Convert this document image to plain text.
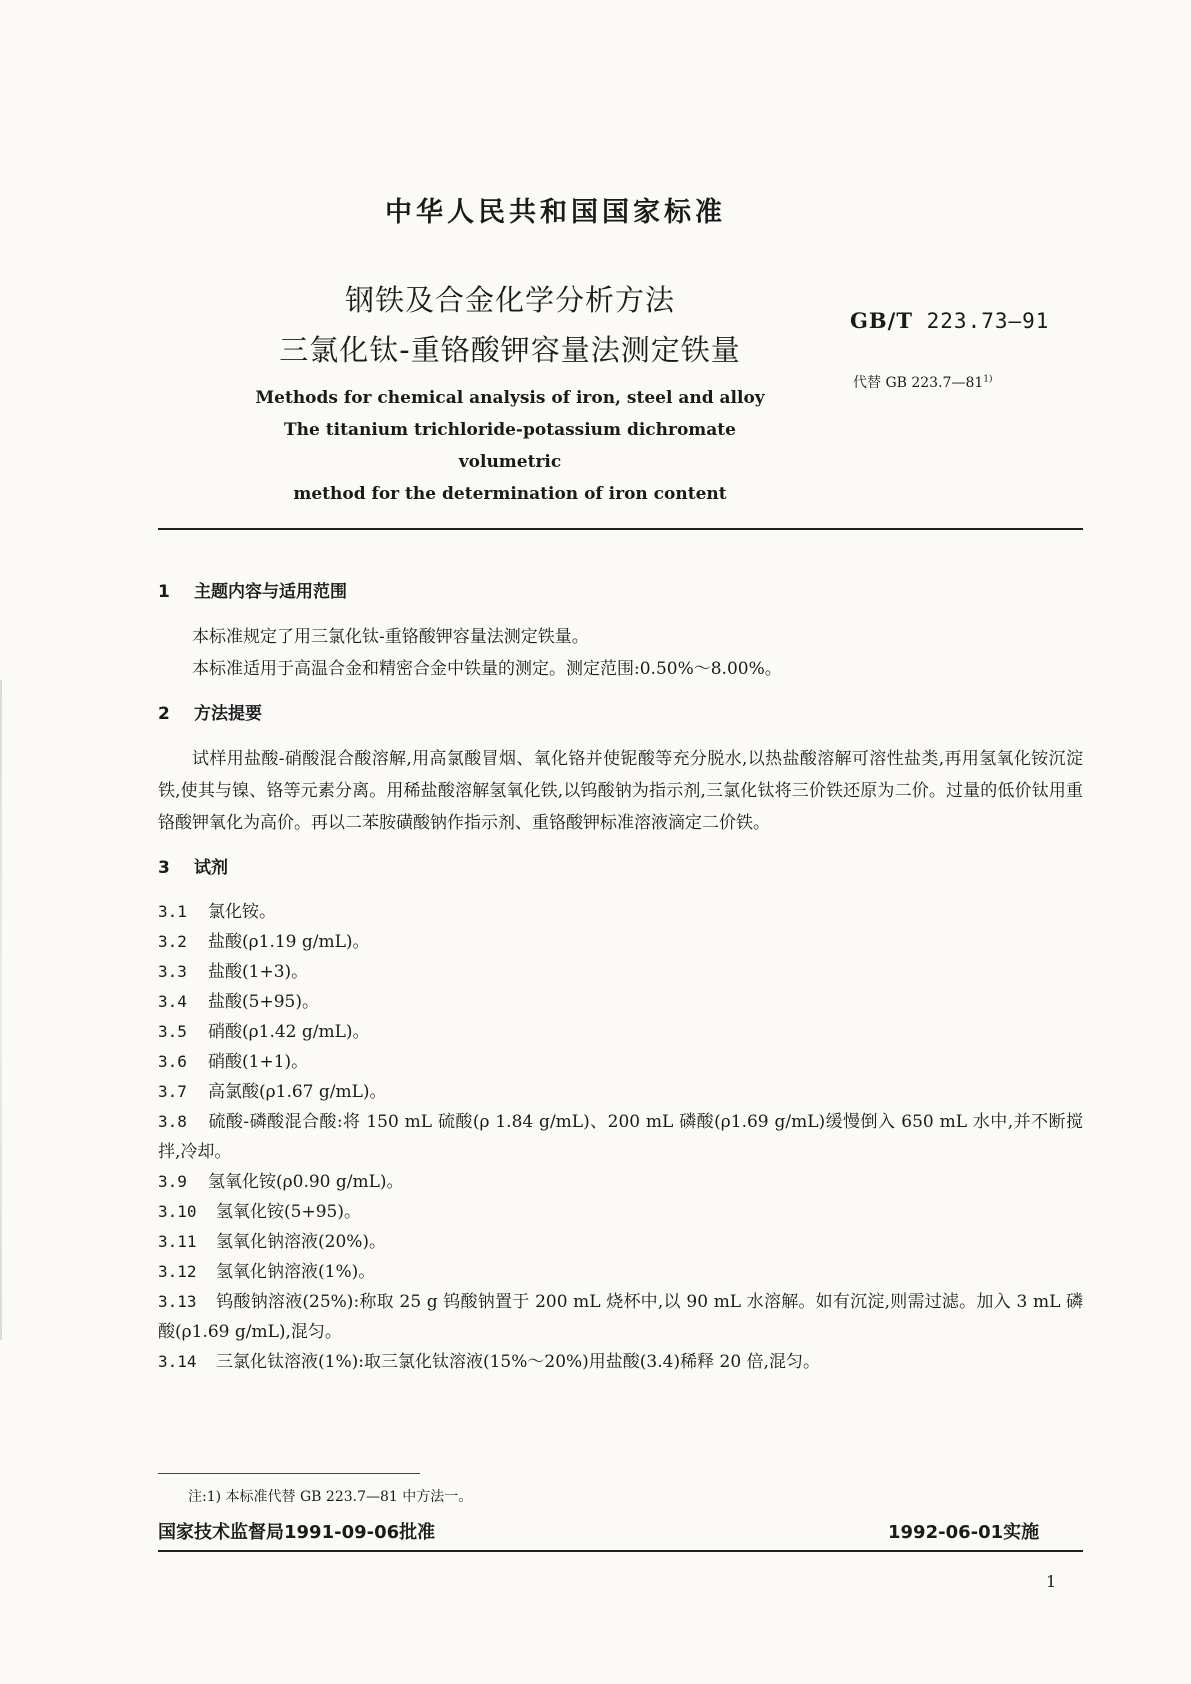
中华人民共和国国家标准
钢铁及合金化学分析方法
三氯化钛-重铬酸钾容量法测定铁量
GB/T 223.73—91
代替 GB 223.7—81$^{1)}$
Methods for chemical analysis of iron, steel and alloy
The titanium trichloride-potassium dichromate volumetric
method for the determination of iron content
1 主题内容与适用范围

本标准规定了用三氯化钛-重铬酸钾容量法测定铁量。

本标准适用于高温合金和精密合金中铁量的测定。测定范围:0.50%～8.00%。

2 方法提要

试样用盐酸-硝酸混合酸溶解,用高氯酸冒烟、氧化铬并使铌酸等充分脱水,以热盐酸溶解可溶性盐类,再用氢氧化铵沉淀铁,使其与镍、铬等元素分离。用稀盐酸溶解氢氧化铁,以钨酸钠为指示剂,三氯化钛将三价铁还原为二价。过量的低价钛用重铬酸钾氧化为高价。再以二苯胺磺酸钠作指示剂、重铬酸钾标准溶液滴定二价铁。

3 试剂
3.1 氯化铵。
3.2 盐酸(ρ1.19 g/mL)。
3.3 盐酸(1+3)。
3.4 盐酸(5+95)。
3.5 硝酸(ρ1.42 g/mL)。
3.6 硝酸(1+1)。
3.7 高氯酸(ρ1.67 g/mL)。
3.8 硫酸-磷酸混合酸:将 150 mL 硫酸(ρ 1.84 g/mL)、200 mL 磷酸(ρ1.69 g/mL)缓慢倒入 650 mL 水中,并不断搅拌,冷却。
3.9 氢氧化铵(ρ0.90 g/mL)。
3.10 氢氧化铵(5+95)。
3.11 氢氧化钠溶液(20%)。
3.12 氢氧化钠溶液(1%)。
3.13 钨酸钠溶液(25%):称取 25 g 钨酸钠置于 200 mL 烧杯中,以 90 mL 水溶解。如有沉淀,则需过滤。加入 3 mL 磷酸(ρ1.69 g/mL),混匀。
3.14 三氯化钛溶液(1%):取三氯化钛溶液(15%～20%)用盐酸(3.4)稀释 20 倍,混匀。
注:1) 本标准代替 GB 223.7—81 中方法一。
国家技术监督局1991-09-06批准	1992-06-01实施
1
